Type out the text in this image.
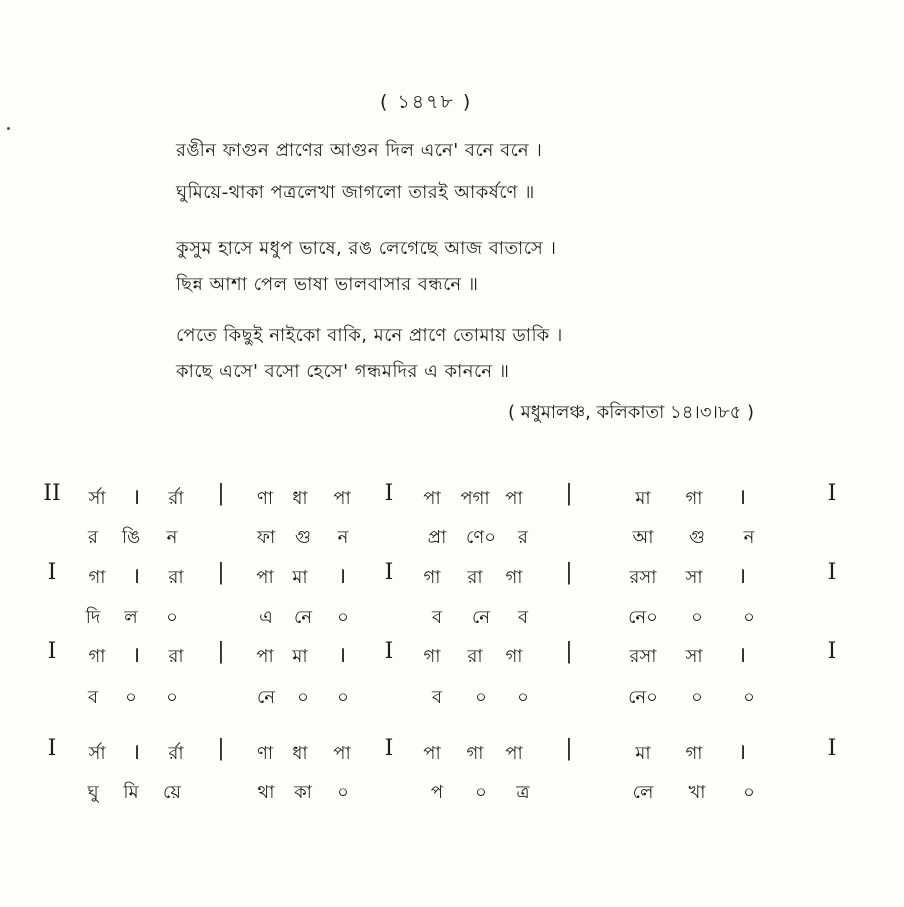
( ১৪৭৮ )
রঙীন ফাগুন প্রাণের আগুন দিল এনে' বনে বনে ।
ঘুমিয়ে-থাকা পত্রলেখা জাগলো তারই আকর্ষণে ॥
কুসুম হাসে মধুপ ভাষে, রঙ লেগেছে আজ বাতাসে ।
ছিন্ন আশা পেল ভাষা ভালবাসার বন্ধনে ॥
পেতে কিছুই নাইকো বাকি, মনে প্রাণে তোমায় ডাকি ।
কাছে এসে' বসো হেসে' গন্ধমদির এ কাননে ॥
( মধুমালঞ্চ, কলিকাতা ১৪।৩।৮৫ )
II র্সা । র্রা | ণা ধা পা I পা পগা পা |	মা গা ।	I
র ঙি ন	ফা গু ন	প্রা ণে০ র	আ গু ন
I গা । রা | পা মা । I গা রা গা |	রসা সা ।	I
দি ল ০	এ নে ০	ব নে ব	নে০ ০ ০
I গা । রা | পা মা । I গা রা গা |	রসা সা ।	I
ব ০ ০	নে ০ ০	ব ০ ০	নে০ ০ ০
I র্সা । র্রা | ণা ধা পা I পা গা পা |	মা গা ।	I
ঘু মি য়ে	থা কা ০	প ০ ত্র	লে খা ০
